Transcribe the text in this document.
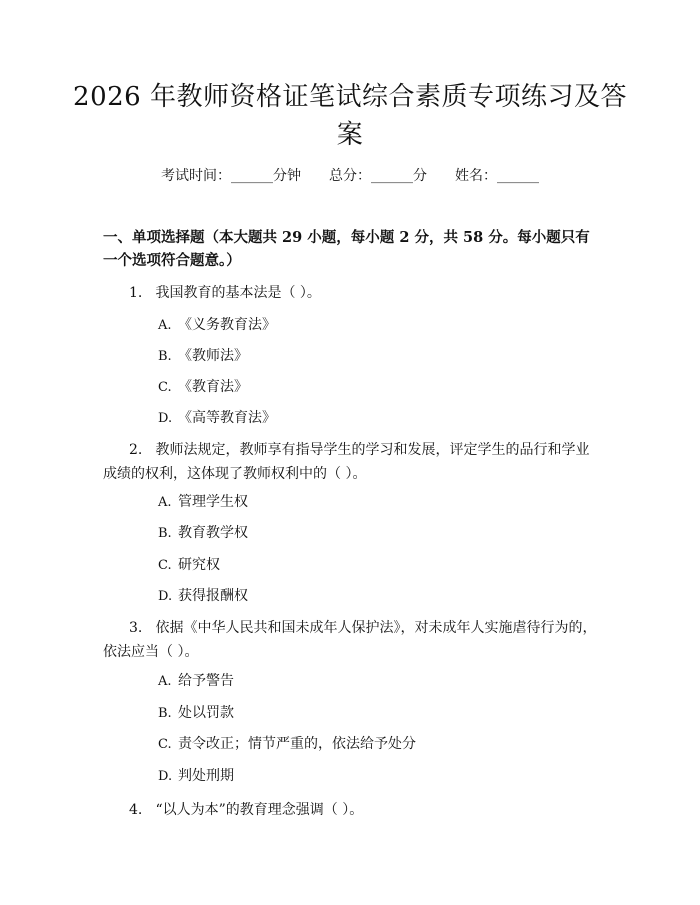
2026 年教师资格证笔试综合素质专项练习及答案
考试时间：______分钟 总分：______分 姓名：______
一、单项选择题（本大题共 29 小题，每小题 2 分，共 58 分。每小题只有一个选项符合题意。）
1. 我国教育的基本法是（ ）。
A. 《义务教育法》
B. 《教师法》
C. 《教育法》
D. 《高等教育法》
2. 教师法规定，教师享有指导学生的学习和发展，评定学生的品行和学业成绩的权利，这体现了教师权利中的（ ）。
A. 管理学生权
B. 教育教学权
C. 研究权
D. 获得报酬权
3. 依据《中华人民共和国未成年人保护法》，对未成年人实施虐待行为的，依法应当（ ）。
A. 给予警告
B. 处以罚款
C. 责令改正；情节严重的，依法给予处分
D. 判处刑期
4. “以人为本”的教育理念强调（ ）。
